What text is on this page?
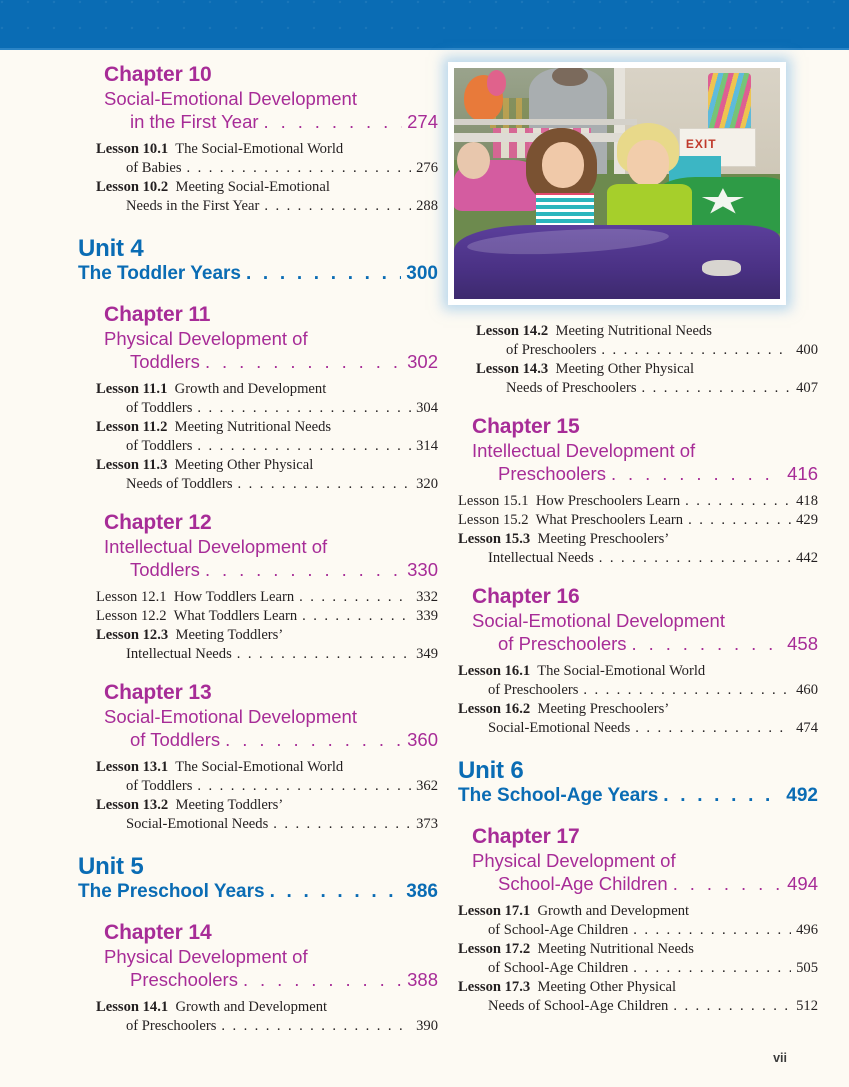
EXIT
Chapter 10
Social-Emotional Development
in the First Year . . .	274
Lesson 10.1 The Social-Emotional World
of Babies . . .	276
Lesson 10.2 Meeting Social-Emotional
Needs in the First Year . . .	288
Unit 4
The Toddler Years . . .	300
Chapter 11
Physical Development of
Toddlers . . .	302
Lesson 11.1 Growth and Development
of Toddlers . . .	304
Lesson 11.2 Meeting Nutritional Needs
of Toddlers . . .	314
Lesson 11.3 Meeting Other Physical
Needs of Toddlers . . .	320
Chapter 12
Intellectual Development of
Toddlers . . .	330
Lesson 12.1 How Toddlers Learn . . .	332
Lesson 12.2 What Toddlers Learn . . .	339
Lesson 12.3 Meeting Toddlers’
Intellectual Needs . . .	349
Chapter 13
Social-Emotional Development
of Toddlers . . .	360
Lesson 13.1 The Social-Emotional World
of Toddlers . . .	362
Lesson 13.2 Meeting Toddlers’
Social-Emotional Needs . . .	373
Unit 5
The Preschool Years . . .	386
Chapter 14
Physical Development of
Preschoolers . . .	388
Lesson 14.1 Growth and Development
of Preschoolers . . .	390
Lesson 14.2 Meeting Nutritional Needs
of Preschoolers . . .	400
Lesson 14.3 Meeting Other Physical
Needs of Preschoolers . . .	407
Chapter 15
Intellectual Development of
Preschoolers . . .	416
Lesson 15.1 How Preschoolers Learn . . .	418
Lesson 15.2 What Preschoolers Learn . . .	429
Lesson 15.3 Meeting Preschoolers’
Intellectual Needs . . .	442
Chapter 16
Social-Emotional Development
of Preschoolers . . .	458
Lesson 16.1 The Social-Emotional World
of Preschoolers . . .	460
Lesson 16.2 Meeting Preschoolers’
Social-Emotional Needs . . .	474
Unit 6
The School-Age Years . . .	492
Chapter 17
Physical Development of
School-Age Children . . .	494
Lesson 17.1 Growth and Development
of School-Age Children . . .	496
Lesson 17.2 Meeting Nutritional Needs
of School-Age Children . . .	505
Lesson 17.3 Meeting Other Physical
Needs of School-Age Children . . .	512
vii
